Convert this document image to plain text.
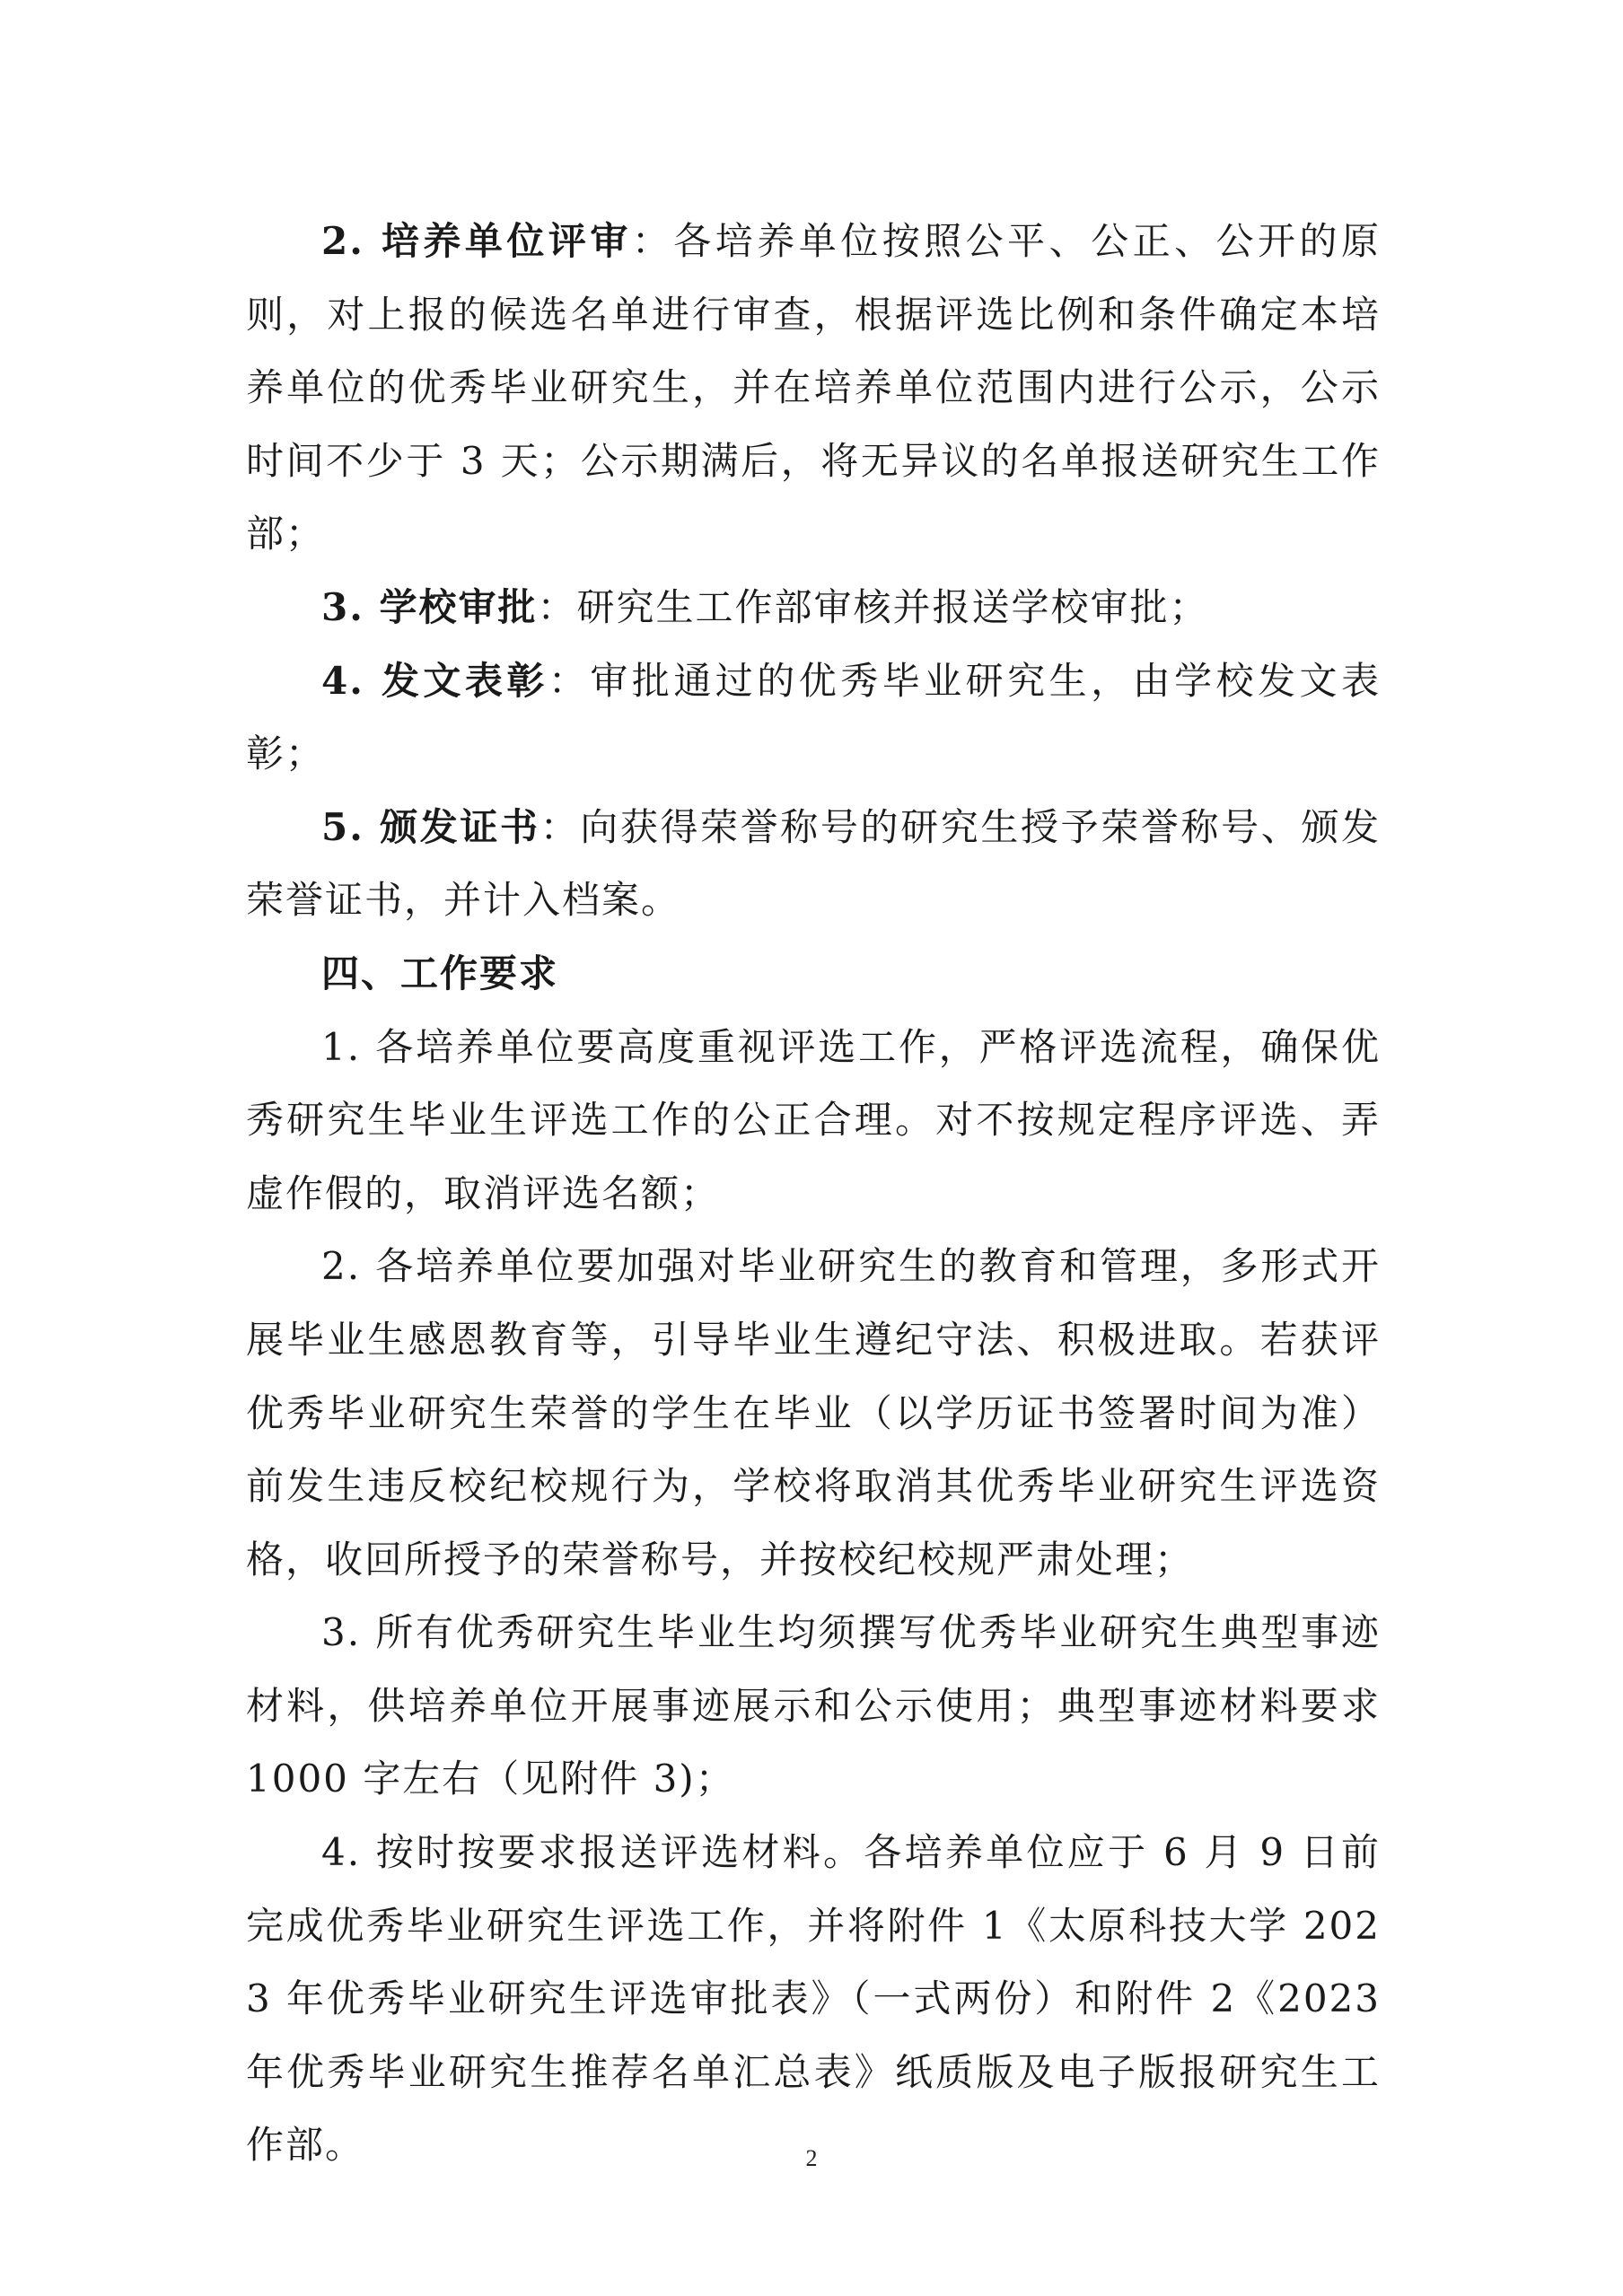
2. 培养单位评审：各培养单位按照公平、公正、公开的原则，对上报的候选名单进行审查，根据评选比例和条件确定本培养单位的优秀毕业研究生，并在培养单位范围内进行公示，公示时间不少于 3 天；公示期满后，将无异议的名单报送研究生工作部；

3. 学校审批：研究生工作部审核并报送学校审批；

4. 发文表彰：审批通过的优秀毕业研究生，由学校发文表彰；

5. 颁发证书：向获得荣誉称号的研究生授予荣誉称号、颁发荣誉证书，并计入档案。

四、工作要求

1. 各培养单位要高度重视评选工作，严格评选流程，确保优秀研究生毕业生评选工作的公正合理。对不按规定程序评选、弄虚作假的，取消评选名额；

2. 各培养单位要加强对毕业研究生的教育和管理，多形式开展毕业生感恩教育等，引导毕业生遵纪守法、积极进取。若获评优秀毕业研究生荣誉的学生在毕业（以学历证书签署时间为准）前发生违反校纪校规行为，学校将取消其优秀毕业研究生评选资格，收回所授予的荣誉称号，并按校纪校规严肃处理；

3. 所有优秀研究生毕业生均须撰写优秀毕业研究生典型事迹材料，供培养单位开展事迹展示和公示使用；典型事迹材料要求 1000 字左右（见附件 3)；

4. 按时按要求报送评选材料。各培养单位应于 6 月 9 日前完成优秀毕业研究生评选工作，并将附件 1《太原科技大学 2023 年优秀毕业研究生评选审批表》（一式两份）和附件 2《2023 年优秀毕业研究生推荐名单汇总表》纸质版及电子版报研究生工作部。	2
